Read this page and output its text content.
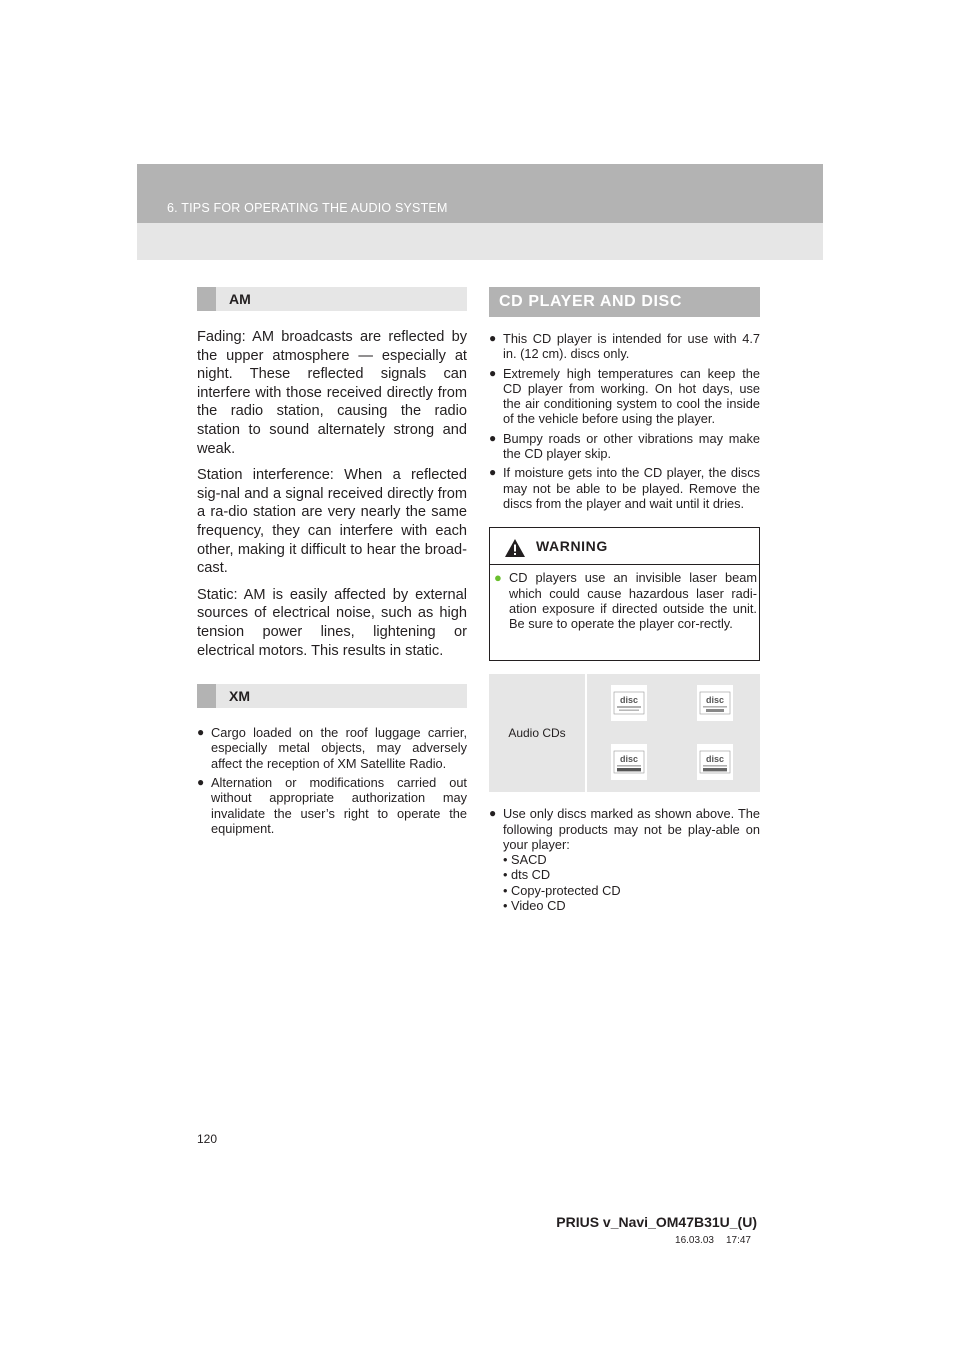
6. TIPS FOR OPERATING THE AUDIO SYSTEM
AM

Fading: AM broadcasts are reflected by the upper atmosphere — especially at night. These reflected signals can interfere with those received directly from the radio station, causing the radio station to sound alternately strong and weak.

Station interference: When a reflected sig-nal and a signal received directly from a ra-dio station are very nearly the same frequency, they can interfere with each other, making it difficult to hear the broad-cast.

Static: AM is easily affected by external sources of electrical noise, such as high tension power lines, lightening or electrical motors. This results in static.

XM
● Cargo loaded on the roof luggage carrier, especially metal objects, may adversely affect the reception of XM Satellite Radio.
● Alternation or modifications carried out without appropriate authorization may invalidate the user’s right to operate the equipment.
CD PLAYER AND DISC
● This CD player is intended for use with 4.7 in. (12 cm). discs only.
● Extremely high temperatures can keep the CD player from working. On hot days, use the air conditioning system to cool the inside of the vehicle before using the player.
● Bumpy roads or other vibrations may make the CD player skip.
● If moisture gets into the CD player, the discs may not be able to be played. Remove the discs from the player and wait until it dries.
WARNING
● CD players use an invisible laser beam which could cause hazardous laser radi-ation exposure if directed outside the unit. Be sure to operate the player cor-rectly.
Audio CDs
disc	disc
disc	disc
● Use only discs marked as shown above. The following products may not be play-able on your player:
• SACD
• dts CD
• Copy-protected CD
• Video CD
120
PRIUS v_Navi_OM47B31U_(U)
16.03.03 17:47
